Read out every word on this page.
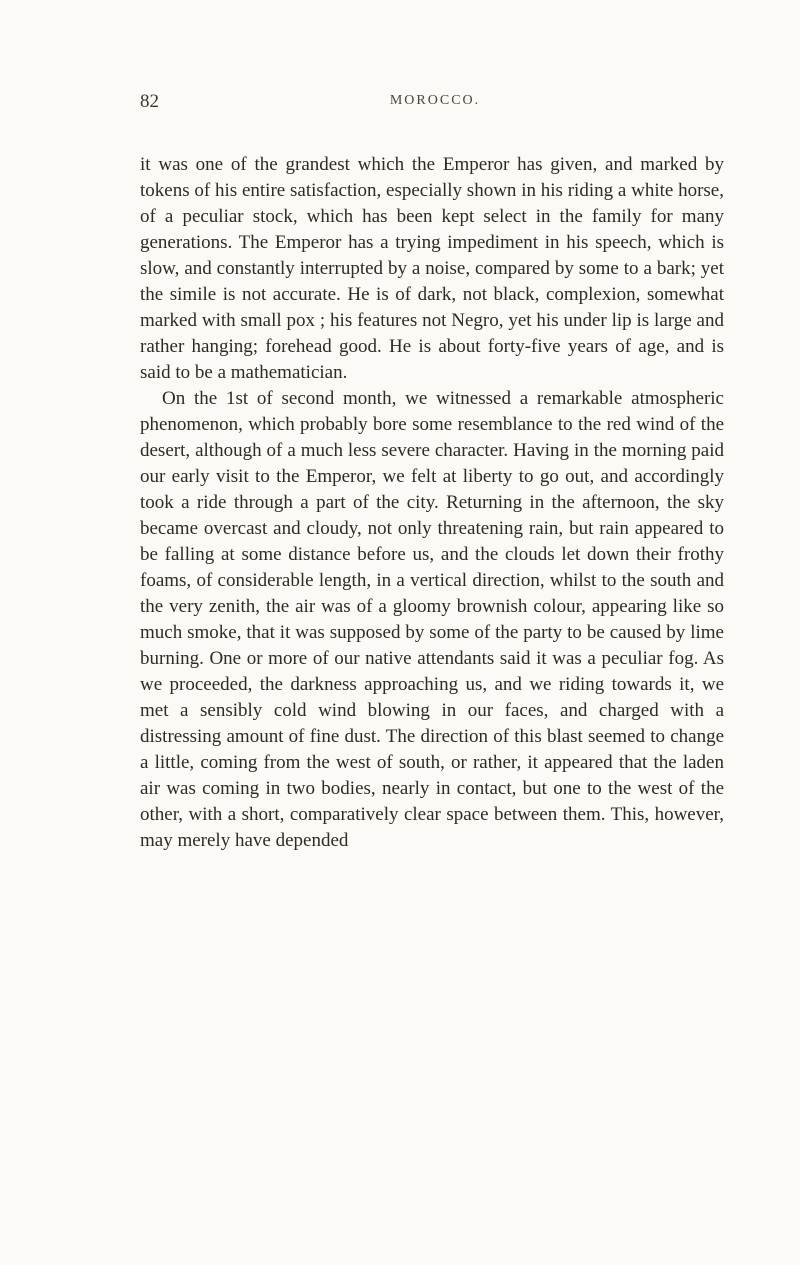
82	MOROCCO.

it was one of the grandest which the Emperor has given, and marked by tokens of his entire satisfaction, especially shown in his riding a white horse, of a peculiar stock, which has been kept select in the family for many generations. The Emperor has a trying impediment in his speech, which is slow, and constantly interrupted by a noise, compared by some to a bark; yet the simile is not accurate. He is of dark, not black, complexion, somewhat marked with small pox ; his features not Negro, yet his under lip is large and rather hanging; forehead good. He is about forty-five years of age, and is said to be a mathematician.

On the 1st of second month, we witnessed a remarkable atmospheric phenomenon, which probably bore some resemblance to the red wind of the desert, although of a much less severe character. Having in the morning paid our early visit to the Emperor, we felt at liberty to go out, and accordingly took a ride through a part of the city. Returning in the afternoon, the sky became overcast and cloudy, not only threatening rain, but rain appeared to be falling at some distance before us, and the clouds let down their frothy foams, of considerable length, in a vertical direction, whilst to the south and the very zenith, the air was of a gloomy brownish colour, appearing like so much smoke, that it was supposed by some of the party to be caused by lime burning. One or more of our native attendants said it was a peculiar fog. As we proceeded, the darkness approaching us, and we riding towards it, we met a sensibly cold wind blowing in our faces, and charged with a distressing amount of fine dust. The direction of this blast seemed to change a little, coming from the west of south, or rather, it appeared that the laden air was coming in two bodies, nearly in contact, but one to the west of the other, with a short, comparatively clear space between them. This, however, may merely have depended
